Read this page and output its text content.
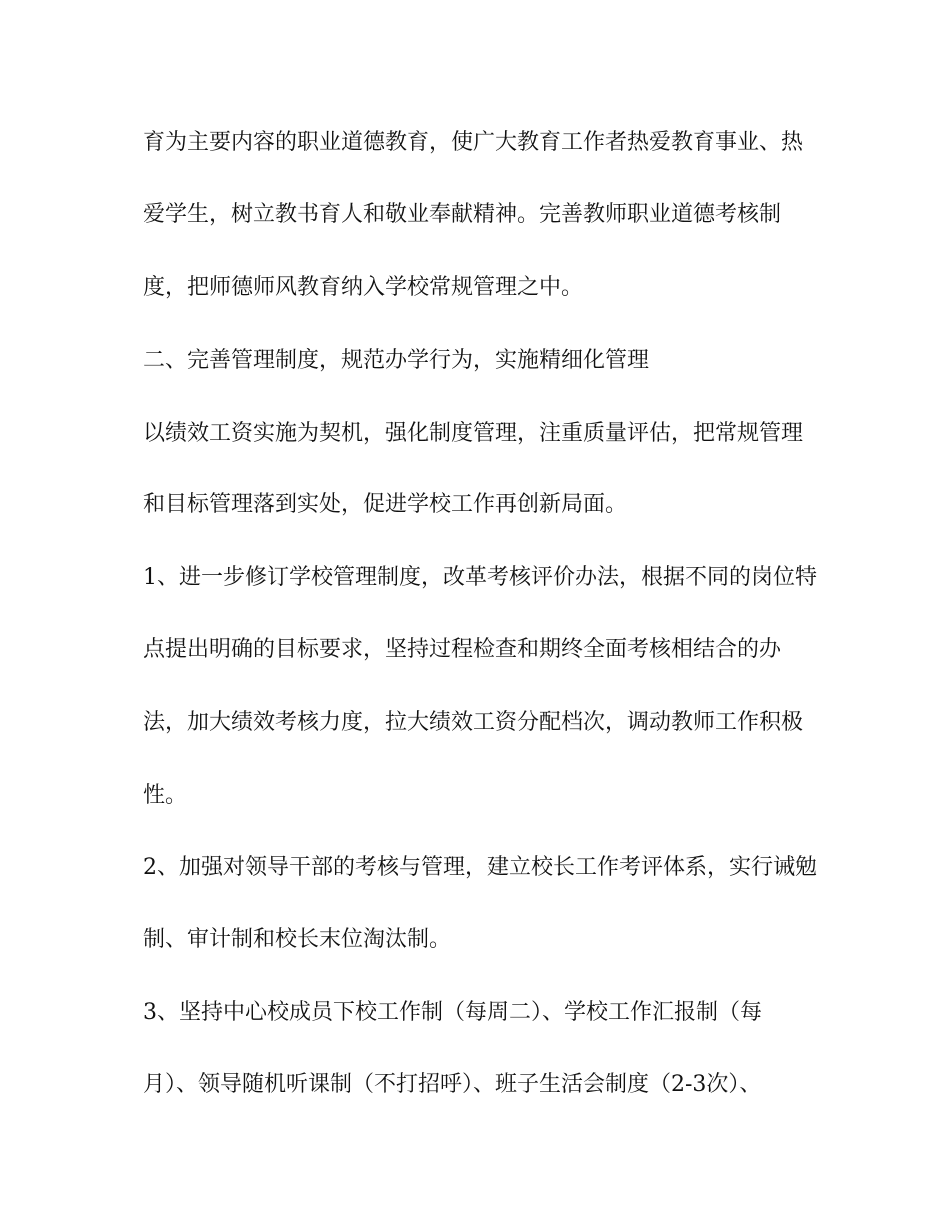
育为主要内容的职业道德教育，使广大教育工作者热爱教育事业、热
爱学生，树立教书育人和敬业奉献精神。完善教师职业道德考核制
度，把师德师风教育纳入学校常规管理之中。
二、完善管理制度，规范办学行为，实施精细化管理
以绩效工资实施为契机，强化制度管理，注重质量评估，把常规管理
和目标管理落到实处，促进学校工作再创新局面。
1、进一步修订学校管理制度，改革考核评价办法，根据不同的岗位特
点提出明确的目标要求，坚持过程检查和期终全面考核相结合的办
法，加大绩效考核力度，拉大绩效工资分配档次，调动教师工作积极
性。
2、加强对领导干部的考核与管理，建立校长工作考评体系，实行诫勉
制、审计制和校长末位淘汰制。
3、坚持中心校成员下校工作制（每周二）、学校工作汇报制（每
月）、领导随机听课制（不打招呼）、班子生活会制度（2-3次）、
